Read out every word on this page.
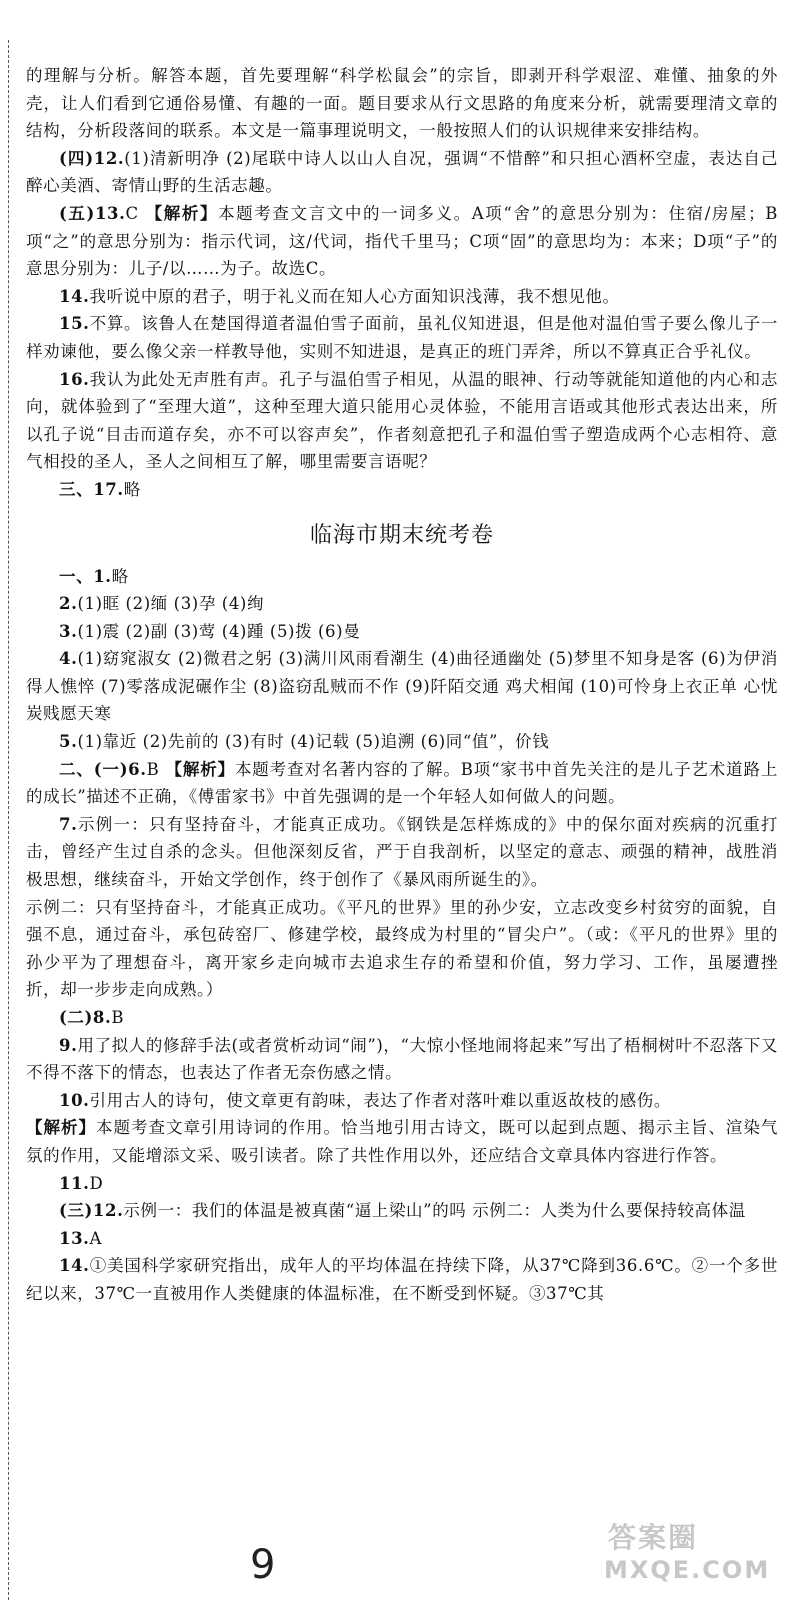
的理解与分析。解答本题，首先要理解“科学松鼠会”的宗旨，即剥开科学艰涩、难懂、抽象的外壳，让人们看到它通俗易懂、有趣的一面。题目要求从行文思路的角度来分析，就需要理清文章的结构，分析段落间的联系。本文是一篇事理说明文，一般按照人们的认识规律来安排结构。

(四)12.(1)清新明净 (2)尾联中诗人以山人自况，强调“不惜醉”和只担心酒杯空虚，表达自己醉心美酒、寄情山野的生活志趣。

(五)13.C 【解析】本题考查文言文中的一词多义。A项“舍”的意思分别为：住宿/房屋；B项“之”的意思分别为：指示代词，这/代词，指代千里马；C项“固”的意思均为：本来；D项“子”的意思分别为：儿子/以……为子。故选C。

14.我听说中原的君子，明于礼义而在知人心方面知识浅薄，我不想见他。

15.不算。该鲁人在楚国得道者温伯雪子面前，虽礼仪知进退，但是他对温伯雪子要么像儿子一样劝谏他，要么像父亲一样教导他，实则不知进退，是真正的班门弄斧，所以不算真正合乎礼仪。

16.我认为此处无声胜有声。孔子与温伯雪子相见，从温的眼神、行动等就能知道他的内心和志向，就体验到了“至理大道”，这种至理大道只能用心灵体验，不能用言语或其他形式表达出来，所以孔子说“目击而道存矣，亦不可以容声矣”，作者刻意把孔子和温伯雪子塑造成两个心志相符、意气相投的圣人，圣人之间相互了解，哪里需要言语呢？

三、17.略

临海市期末统考卷

一、1.略

2.(1)眶 (2)缅 (3)孕 (4)绚

3.(1)震 (2)副 (3)莺 (4)踵 (5)拨 (6)曼

4.(1)窈窕淑女 (2)微君之躬 (3)满川风雨看潮生 (4)曲径通幽处 (5)梦里不知身是客 (6)为伊消得人憔悴 (7)零落成泥碾作尘 (8)盗窃乱贼而不作 (9)阡陌交通 鸡犬相闻 (10)可怜身上衣正单 心忧炭贱愿天寒

5.(1)靠近 (2)先前的 (3)有时 (4)记载 (5)追溯 (6)同“值”，价钱

二、(一)6.B 【解析】本题考查对名著内容的了解。B项“家书中首先关注的是儿子艺术道路上的成长”描述不正确，《傅雷家书》中首先强调的是一个年轻人如何做人的问题。

7.示例一：只有坚持奋斗，才能真正成功。《钢铁是怎样炼成的》中的保尔面对疾病的沉重打击，曾经产生过自杀的念头。但他深刻反省，严于自我剖析，以坚定的意志、顽强的精神，战胜消极思想，继续奋斗，开始文学创作，终于创作了《暴风雨所诞生的》。

示例二：只有坚持奋斗，才能真正成功。《平凡的世界》里的孙少安，立志改变乡村贫穷的面貌，自强不息，通过奋斗，承包砖窑厂、修建学校，最终成为村里的“冒尖户”。（或：《平凡的世界》里的孙少平为了理想奋斗，离开家乡走向城市去追求生存的希望和价值，努力学习、工作，虽屡遭挫折，却一步步走向成熟。）

(二)8.B

9.用了拟人的修辞手法(或者赏析动词“闹”)，“大惊小怪地闹将起来”写出了梧桐树叶不忍落下又不得不落下的情态，也表达了作者无奈伤感之情。

10.引用古人的诗句，使文章更有韵味，表达了作者对落叶难以重返故枝的感伤。

【解析】本题考查文章引用诗词的作用。恰当地引用古诗文，既可以起到点题、揭示主旨、渲染气氛的作用，又能增添文采、吸引读者。除了共性作用以外，还应结合文章具体内容进行作答。

11.D

(三)12.示例一：我们的体温是被真菌“逼上梁山”的吗 示例二：人类为什么要保持较高体温

13.A

14.①美国科学家研究指出，成年人的平均体温在持续下降，从37℃降到36.6℃。②一个多世纪以来，37℃一直被用作人类健康的体温标准，在不断受到怀疑。③37℃其

9
答案圈
MXQE.COM
